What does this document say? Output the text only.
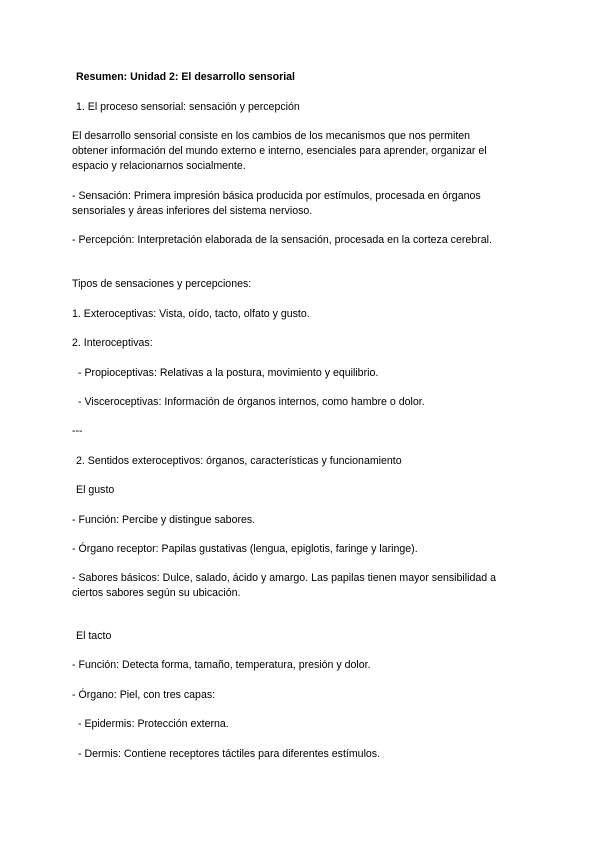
Resumen: Unidad 2: El desarrollo sensorial

1. El proceso sensorial: sensación y percepción

El desarrollo sensorial consiste en los cambios de los mecanismos que nos permiten

obtener información del mundo externo e interno, esenciales para aprender, organizar el

espacio y relacionarnos socialmente.

- Sensación: Primera impresión básica producida por estímulos, procesada en órganos

sensoriales y áreas inferiores del sistema nervioso.

- Percepción: Interpretación elaborada de la sensación, procesada en la corteza cerebral.

Tipos de sensaciones y percepciones:

1. Exteroceptivas: Vista, oído, tacto, olfato y gusto.

2. Interoceptivas:

- Propioceptivas: Relativas a la postura, movimiento y equilibrio.

- Visceroceptivas: Información de órganos internos, como hambre o dolor.

---

2. Sentidos exteroceptivos: órganos, características y funcionamiento

El gusto

- Función: Percibe y distingue sabores.

- Órgano receptor: Papilas gustativas (lengua, epiglotis, faringe y laringe).

- Sabores básicos: Dulce, salado, ácido y amargo. Las papilas tienen mayor sensibilidad a

ciertos sabores según su ubicación.

El tacto

- Función: Detecta forma, tamaño, temperatura, presión y dolor.

- Órgano: Piel, con tres capas:

- Epidermis: Protección externa.

- Dermis: Contiene receptores táctiles para diferentes estímulos.
